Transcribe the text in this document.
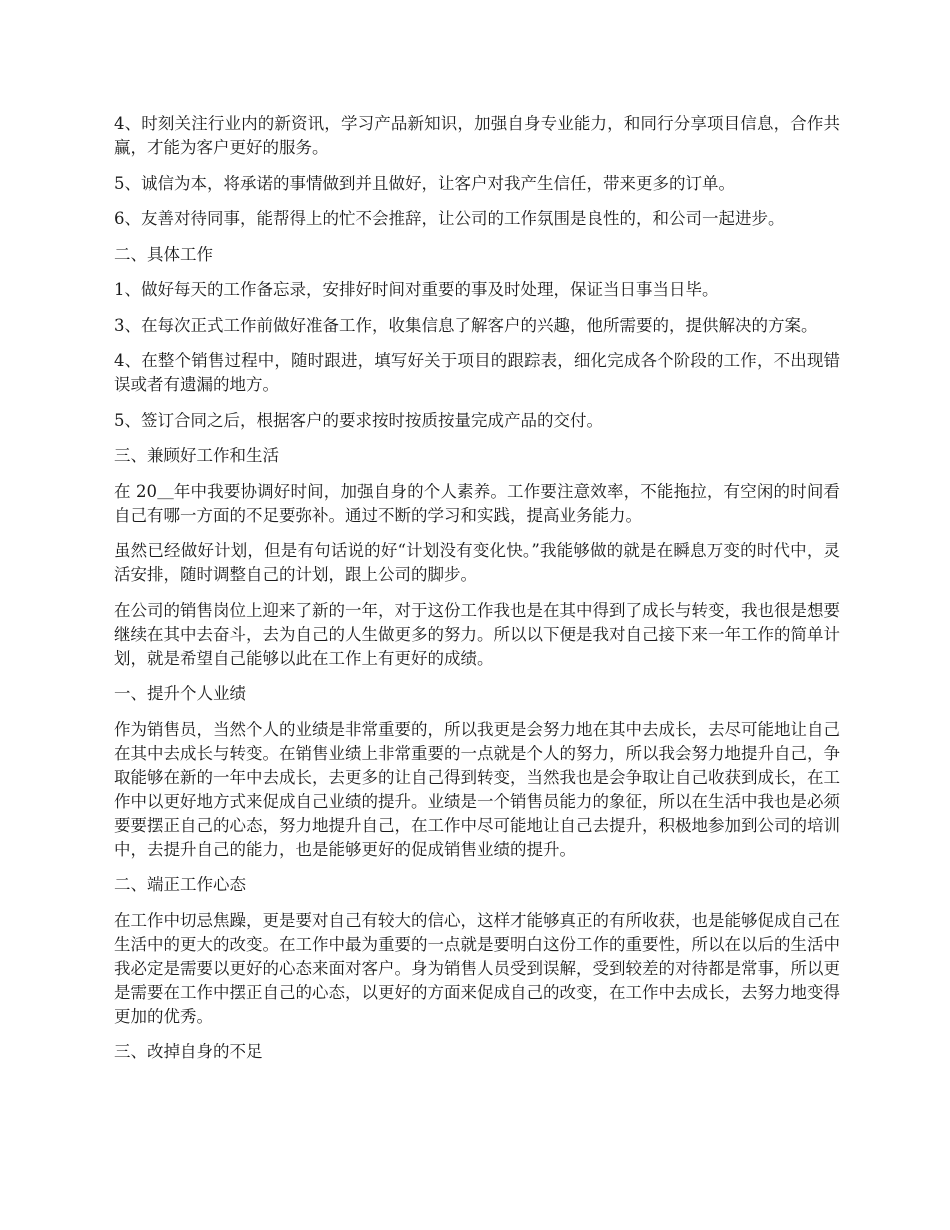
4、时刻关注行业内的新资讯，学习产品新知识，加强自身专业能力，和同行分享项目信息，合作共赢，才能为客户更好的服务。

5、诚信为本，将承诺的事情做到并且做好，让客户对我产生信任，带来更多的订单。

6、友善对待同事，能帮得上的忙不会推辞，让公司的工作氛围是良性的，和公司一起进步。

二、具体工作

1、做好每天的工作备忘录，安排好时间对重要的事及时处理，保证当日事当日毕。

3、在每次正式工作前做好准备工作，收集信息了解客户的兴趣，他所需要的，提供解决的方案。

4、在整个销售过程中，随时跟进，填写好关于项目的跟踪表，细化完成各个阶段的工作，不出现错误或者有遗漏的地方。

5、签订合同之后，根据客户的要求按时按质按量完成产品的交付。

三、兼顾好工作和生活

在 20＿年中我要协调好时间，加强自身的个人素养。工作要注意效率，不能拖拉，有空闲的时间看自己有哪一方面的不足要弥补。通过不断的学习和实践，提高业务能力。

虽然已经做好计划，但是有句话说的好“计划没有变化快。”我能够做的就是在瞬息万变的时代中，灵活安排，随时调整自己的计划，跟上公司的脚步。

在公司的销售岗位上迎来了新的一年，对于这份工作我也是在其中得到了成长与转变，我也很是想要继续在其中去奋斗，去为自己的人生做更多的努力。所以以下便是我对自己接下来一年工作的简单计划，就是希望自己能够以此在工作上有更好的成绩。

一、提升个人业绩

作为销售员，当然个人的业绩是非常重要的，所以我更是会努力地在其中去成长，去尽可能地让自己在其中去成长与转变。在销售业绩上非常重要的一点就是个人的努力，所以我会努力地提升自己，争取能够在新的一年中去成长，去更多的让自己得到转变，当然我也是会争取让自己收获到成长，在工作中以更好地方式来促成自己业绩的提升。业绩是一个销售员能力的象征，所以在生活中我也是必须要要摆正自己的心态，努力地提升自己，在工作中尽可能地让自己去提升，积极地参加到公司的培训中，去提升自己的能力，也是能够更好的促成销售业绩的提升。

二、端正工作心态

在工作中切忌焦躁，更是要对自己有较大的信心，这样才能够真正的有所收获，也是能够促成自己在生活中的更大的改变。在工作中最为重要的一点就是要明白这份工作的重要性，所以在以后的生活中我必定是需要以更好的心态来面对客户。身为销售人员受到误解，受到较差的对待都是常事，所以更是需要在工作中摆正自己的心态，以更好的方面来促成自己的改变，在工作中去成长，去努力地变得更加的优秀。

三、改掉自身的不足
